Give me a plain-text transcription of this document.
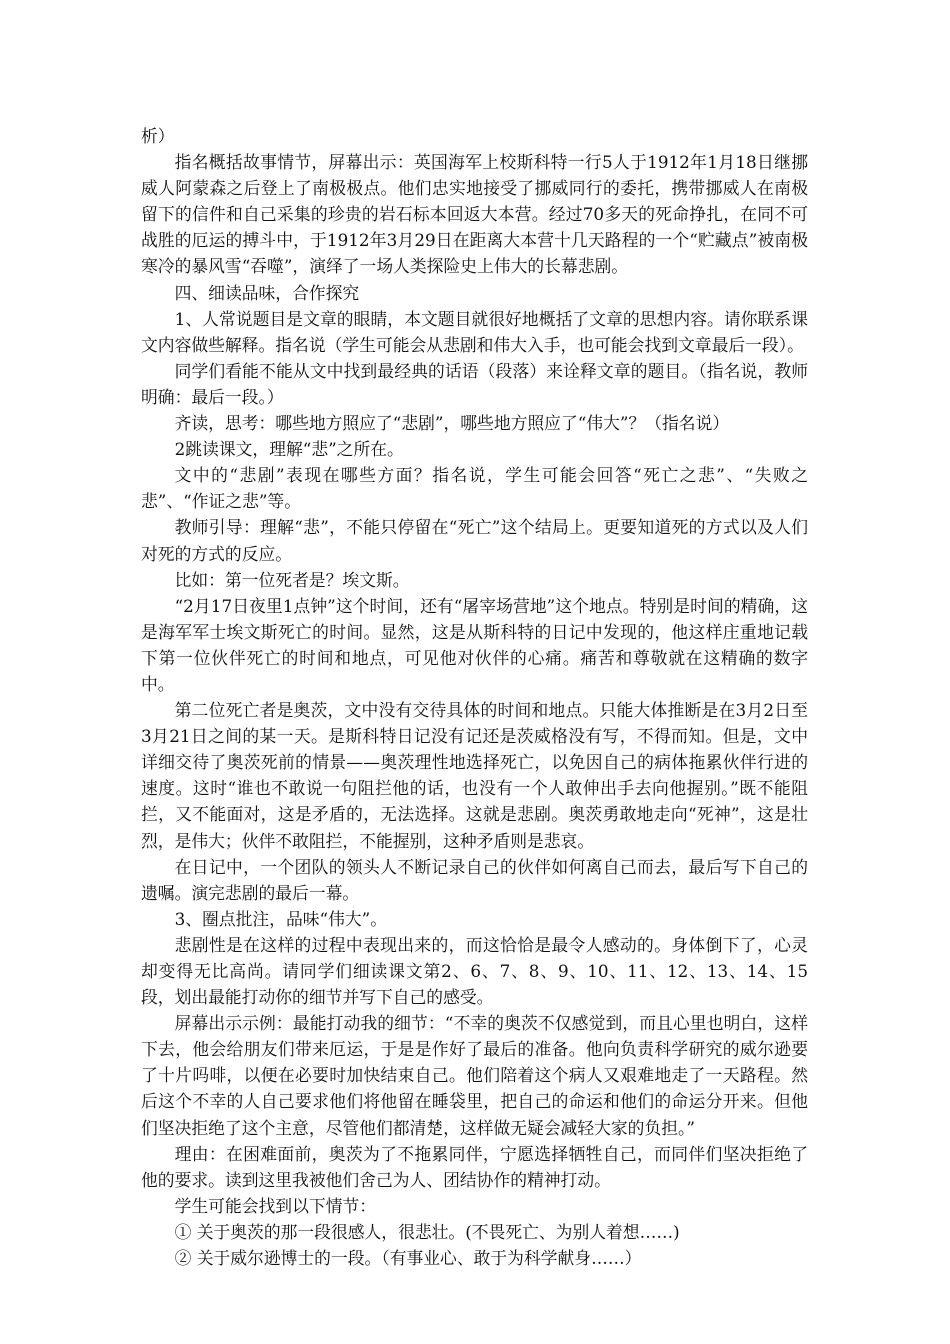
析）

指名概括故事情节，屏幕出示：英国海军上校斯科特一行5人于1912年1月18日继挪威人阿蒙森之后登上了南极极点。他们忠实地接受了挪威同行的委托，携带挪威人在南极留下的信件和自己采集的珍贵的岩石标本回返大本营。经过70多天的死命挣扎，在同不可战胜的厄运的搏斗中，于1912年3月29日在距离大本营十几天路程的一个“贮藏点”被南极寒冷的暴风雪“吞噬”，演绎了一场人类探险史上伟大的长幕悲剧。

四、细读品味，合作探究

1、人常说题目是文章的眼睛，本文题目就很好地概括了文章的思想内容。请你联系课文内容做些解释。指名说（学生可能会从悲剧和伟大入手，也可能会找到文章最后一段）。

同学们看能不能从文中找到最经典的话语（段落）来诠释文章的题目。（指名说，教师明确：最后一段。）

齐读，思考：哪些地方照应了“悲剧”，哪些地方照应了“伟大”？（指名说）

2跳读课文，理解“悲”之所在。

文中的“悲剧”表现在哪些方面？指名说，学生可能会回答“死亡之悲”、“失败之悲”、“作证之悲”等。

教师引导：理解“悲”，不能只停留在“死亡”这个结局上。更要知道死的方式以及人们对死的方式的反应。

比如：第一位死者是？埃文斯。

“2月17日夜里1点钟”这个时间，还有“屠宰场营地”这个地点。特别是时间的精确，这是海军军士埃文斯死亡的时间。显然，这是从斯科特的日记中发现的，他这样庄重地记载下第一位伙伴死亡的时间和地点，可见他对伙伴的心痛。痛苦和尊敬就在这精确的数字中。

第二位死亡者是奥茨，文中没有交待具体的时间和地点。只能大体推断是在3月2日至3月21日之间的某一天。是斯科特日记没有记还是茨威格没有写，不得而知。但是，文中详细交待了奥茨死前的情景——奥茨理性地选择死亡，以免因自己的病体拖累伙伴行进的速度。这时“谁也不敢说一句阻拦他的话，也没有一个人敢伸出手去向他握别。”既不能阻拦，又不能面对，这是矛盾的，无法选择。这就是悲剧。奥茨勇敢地走向“死神”，这是壮烈，是伟大；伙伴不敢阻拦，不能握别，这种矛盾则是悲哀。

在日记中，一个团队的领头人不断记录自己的伙伴如何离自己而去，最后写下自己的遗嘱。演完悲剧的最后一幕。

3、圈点批注，品味“伟大”。

悲剧性是在这样的过程中表现出来的，而这恰恰是最令人感动的。身体倒下了，心灵却变得无比高尚。请同学们细读课文第2、6、7、8、9、10、11、12、13、14、15段，划出最能打动你的细节并写下自己的感受。

屏幕出示示例：最能打动我的细节：“不幸的奥茨不仅感觉到，而且心里也明白，这样下去，他会给朋友们带来厄运，于是是作好了最后的准备。他向负责科学研究的威尔逊要了十片吗啡，以便在必要时加快结束自己。他们陪着这个病人又艰难地走了一天路程。然后这个不幸的人自己要求他们将他留在睡袋里，把自己的命运和他们的命运分开来。但他们坚决拒绝了这个主意，尽管他们都清楚，这样做无疑会减轻大家的负担。”

理由：在困难面前，奥茨为了不拖累同伴，宁愿选择牺牲自己，而同伴们坚决拒绝了他的要求。读到这里我被他们舍己为人、团结协作的精神打动。

学生可能会找到以下情节：

① 关于奥茨的那一段很感人，很悲壮。(不畏死亡、为别人着想……)

② 关于威尔逊博士的一段。（有事业心、敢于为科学献身……）
